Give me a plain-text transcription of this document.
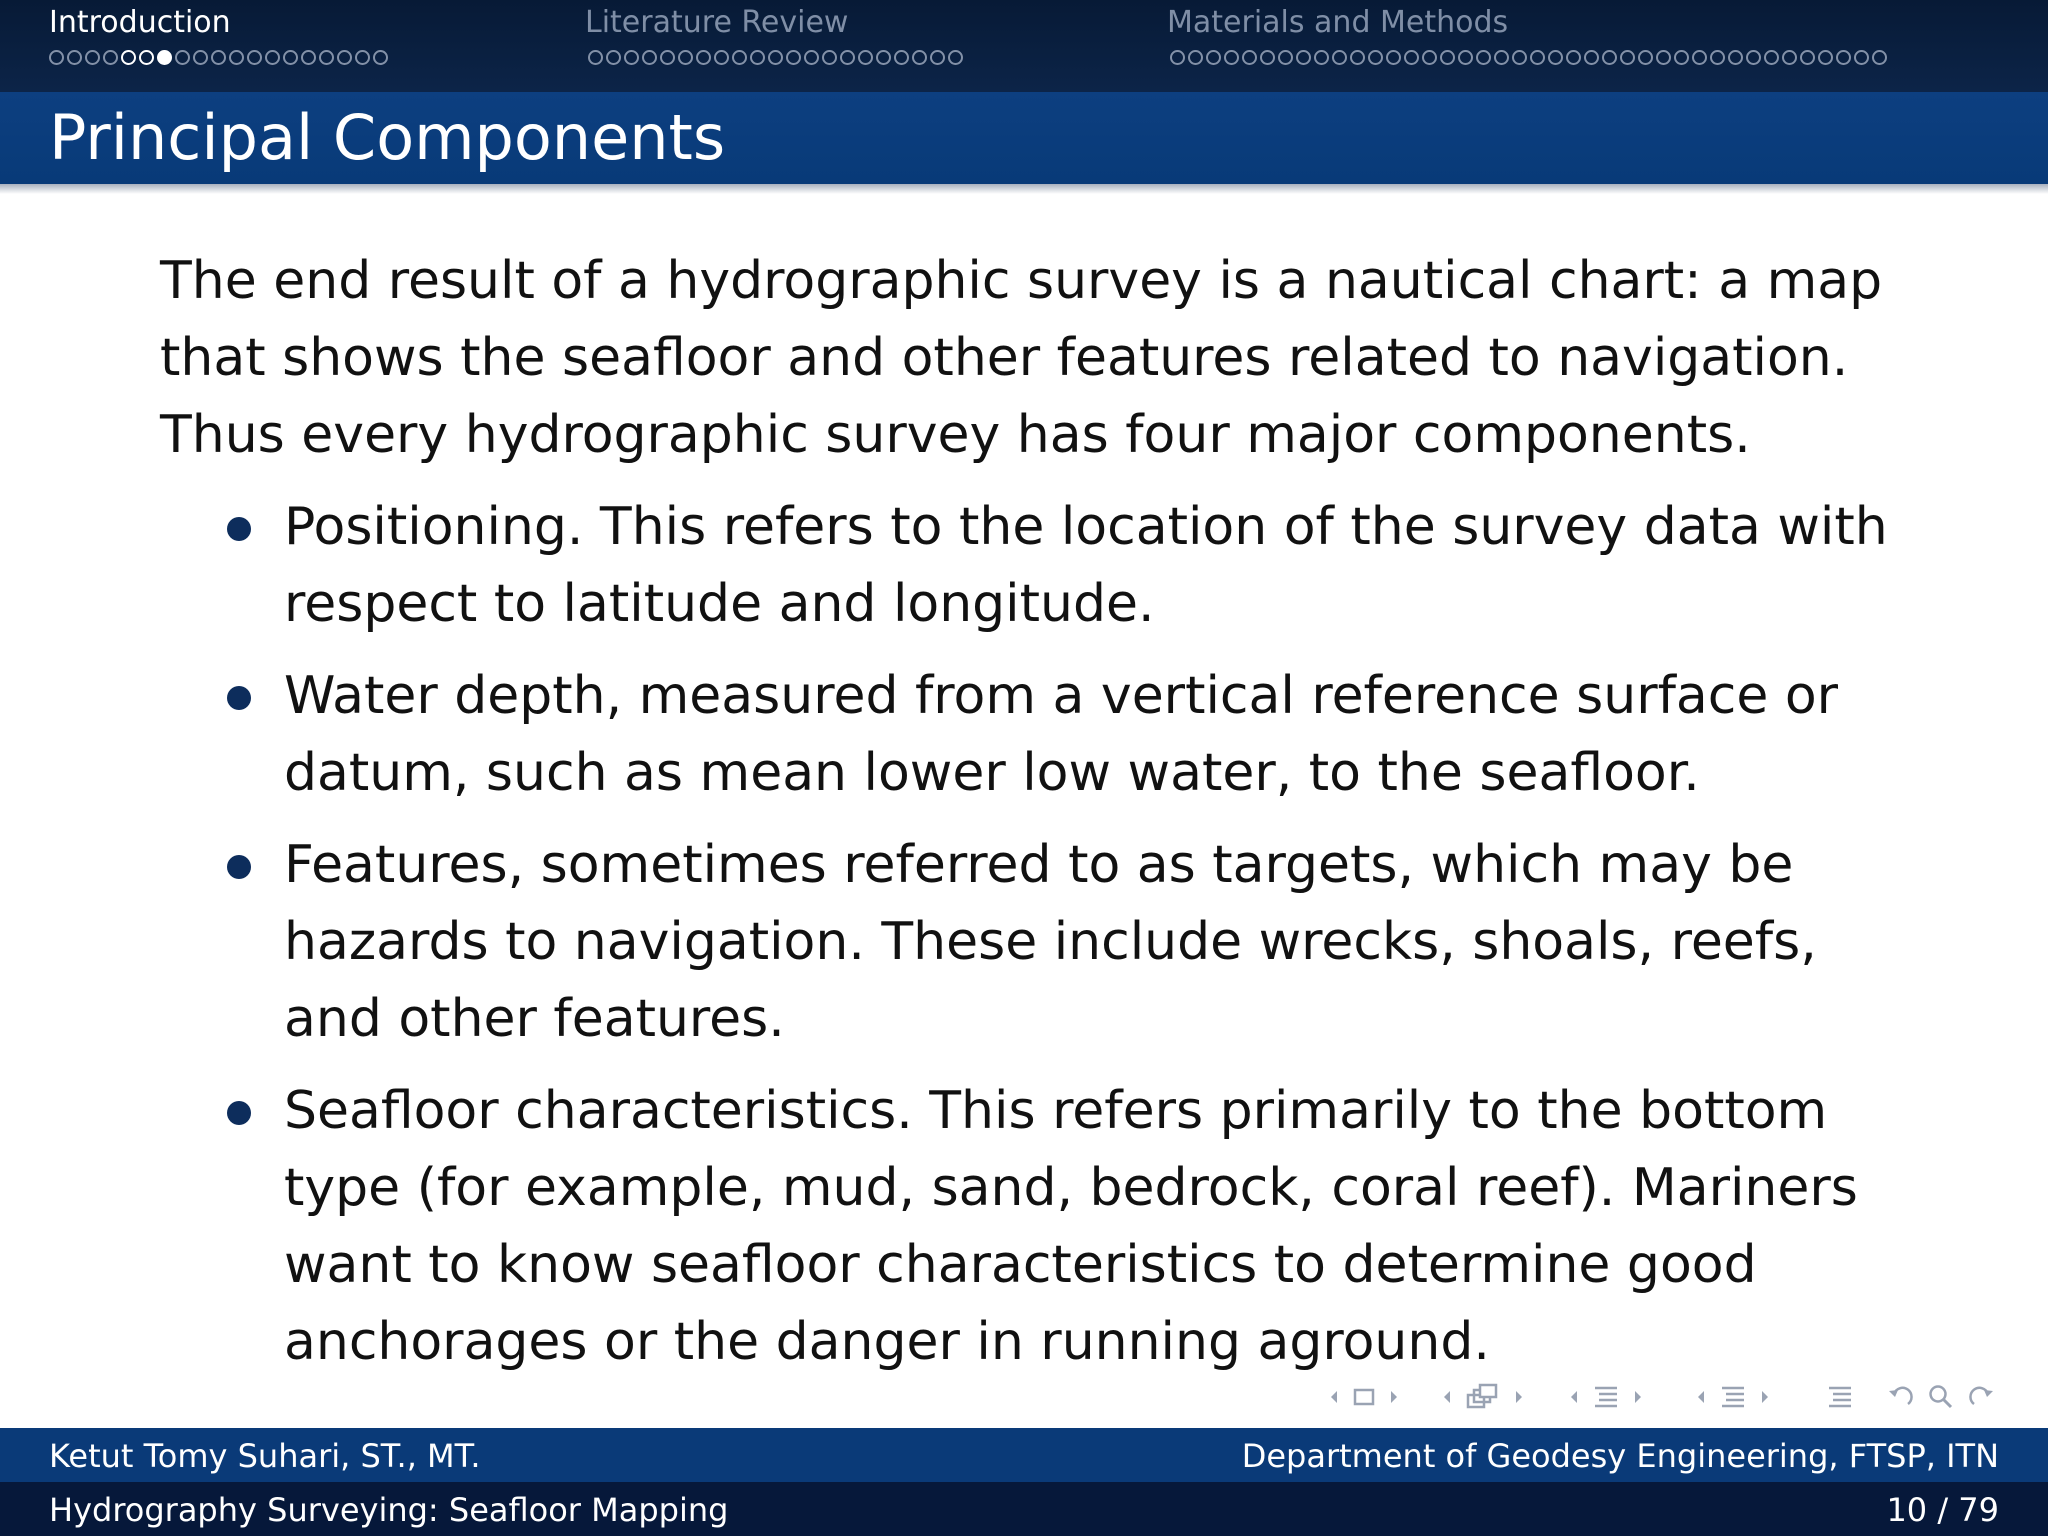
Introduction	Literature Review	Materials and Methods
Principal Components

The end result of a hydrographic survey is a nautical chart: a map that shows the seafloor and other features related to navigation. Thus every hydrographic survey has four major components.

Positioning. This refers to the location of the survey data with respect to latitude and longitude.
Water depth, measured from a vertical reference surface or datum, such as mean lower low water, to the seafloor.
Features, sometimes referred to as targets, which may be hazards to navigation. These include wrecks, shoals, reefs, and other features.
Seafloor characteristics. This refers primarily to the bottom type (for example, mud, sand, bedrock, coral reef). Mariners want to know seafloor characteristics to determine good anchorages or the danger in running aground.
Ketut Tomy Suhari, ST., MT.	Department of Geodesy Engineering, FTSP, ITN
Hydrography Surveying: Seafloor Mapping	10 / 79
